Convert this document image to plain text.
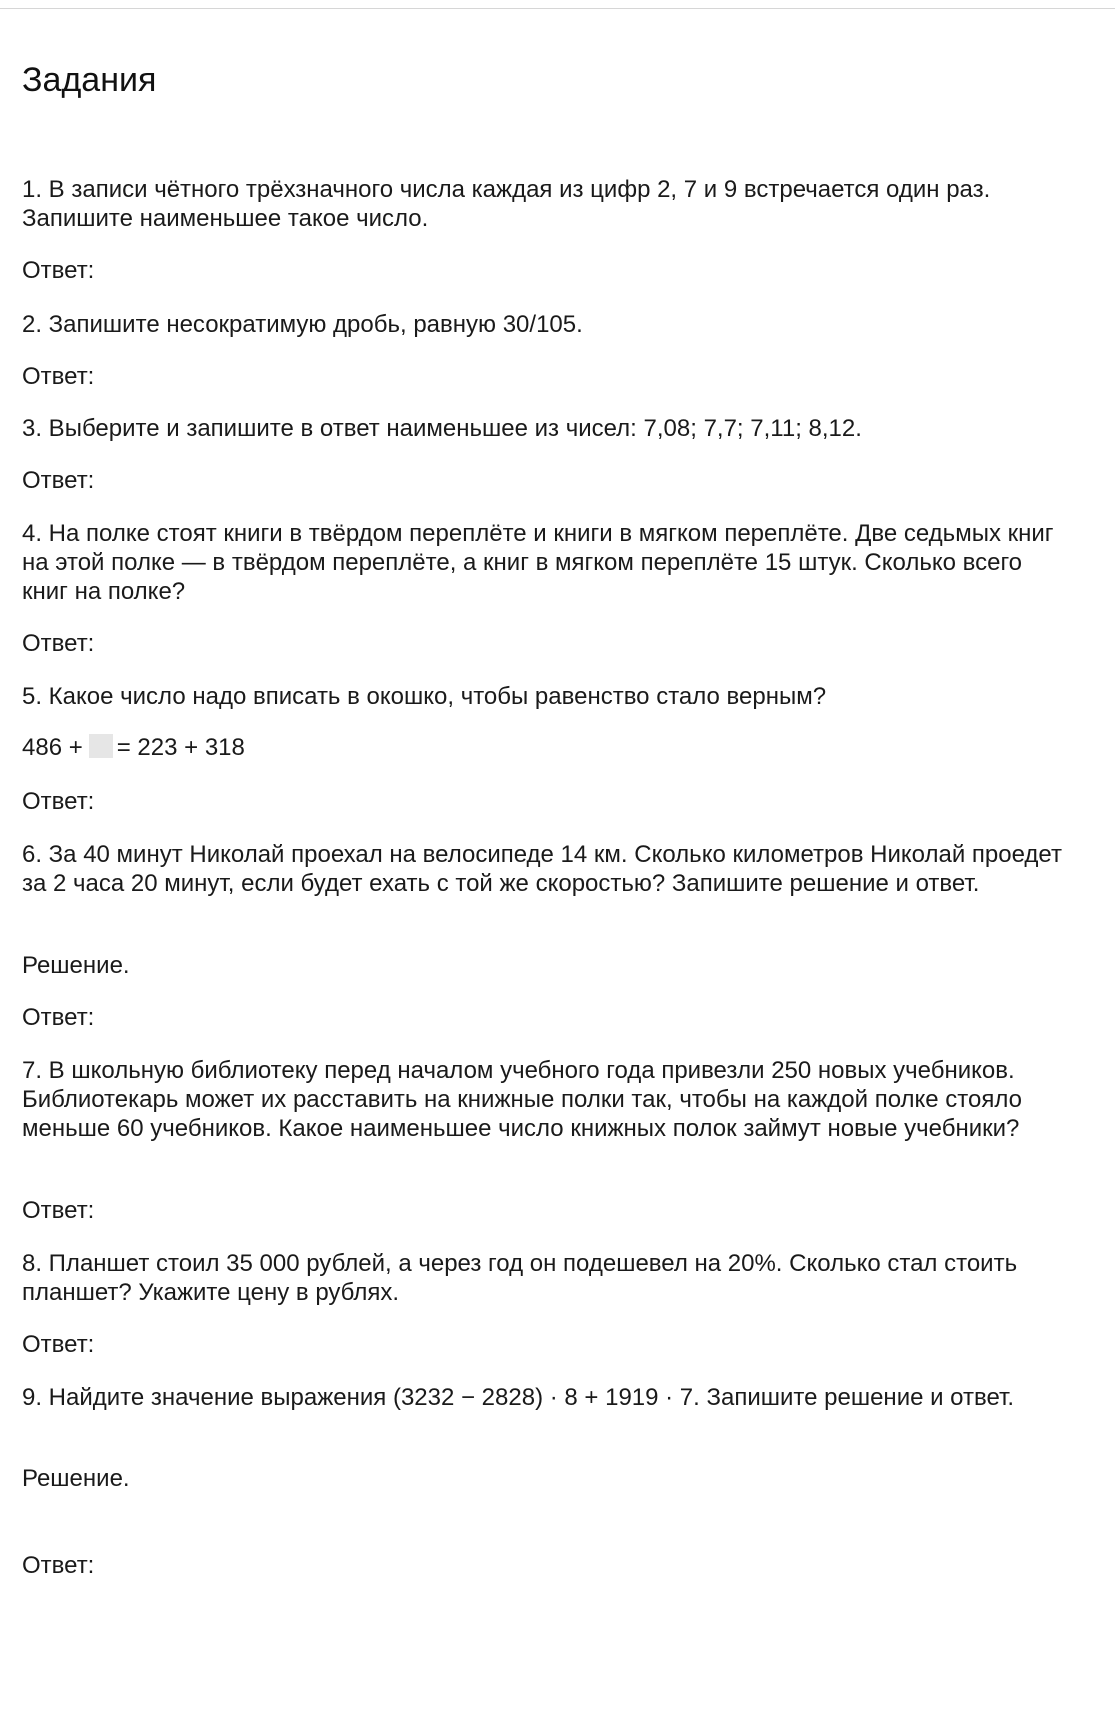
Задания

1. В записи чётного трёхзначного числа каждая из цифр 2, 7 и 9 встречается один раз. Запишите наименьшее такое число.

Ответ:

2. Запишите несократимую дробь, равную 30/105.

Ответ:

3. Выберите и запишите в ответ наименьшее из чисел: 7,08; 7,7; 7,11; 8,12.

Ответ:

4. На полке стоят книги в твёрдом переплёте и книги в мягком переплёте. Две седьмых книг на этой полке — в твёрдом переплёте, а книг в мягком переплёте 15 штук. Сколько всего книг на полке?

Ответ:

5. Какое число надо вписать в окошко, чтобы равенство стало верным?

486 + = 223 + 318

Ответ:

6. За 40 минут Николай проехал на велосипеде 14 км. Сколько километров Николай проедет за 2 часа 20 минут, если будет ехать с той же скоростью? Запишите решение и ответ.

Решение.

Ответ:

7. В школьную библиотеку перед началом учебного года привезли 250 новых учебников. Библиотекарь может их расставить на книжные полки так, чтобы на каждой полке стояло меньше 60 учебников. Какое наименьшее число книжных полок займут новые учебники?

Ответ:

8. Планшет стоил 35 000 рублей, а через год он подешевел на 20%. Сколько стал стоить планшет? Укажите цену в рублях.

Ответ:

9. Найдите значение выражения (3232 − 2828) · 8 + 1919 · 7. Запишите решение и ответ.

Решение.

Ответ:
